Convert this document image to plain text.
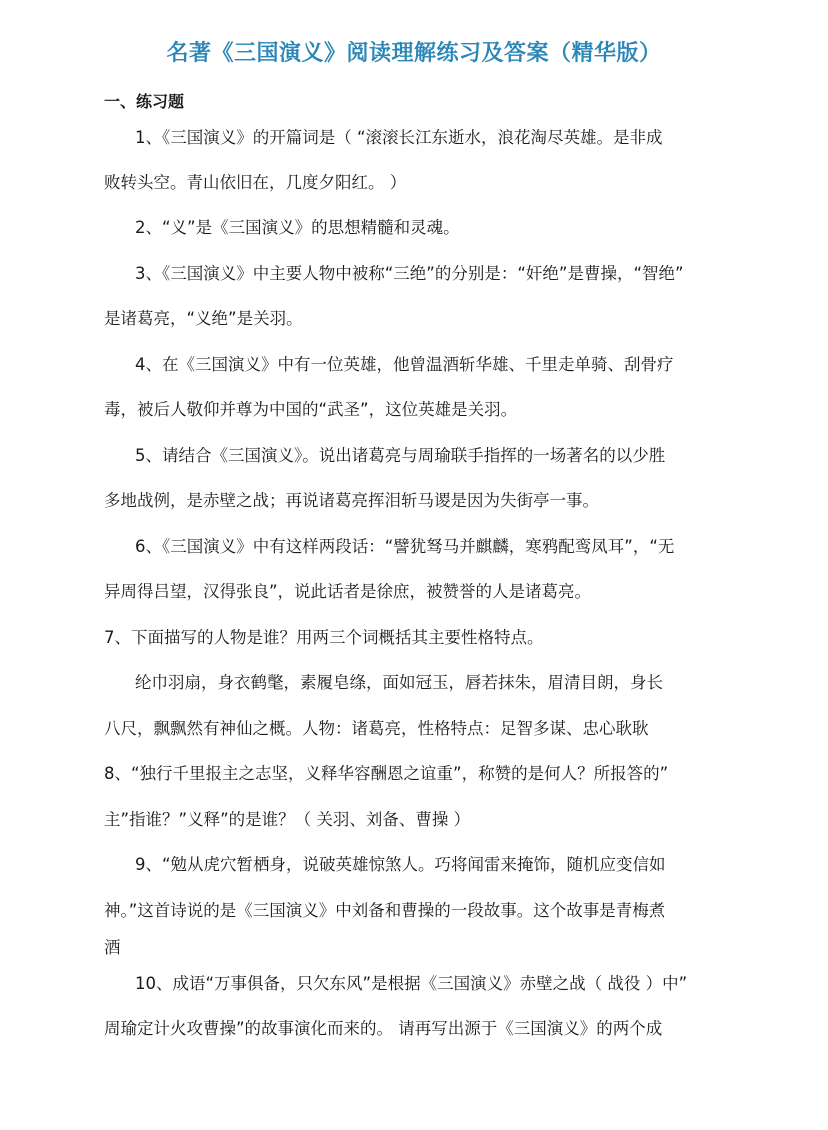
名著《三国演义》阅读理解练习及答案（精华版）
一、练习题
1、《三国演义》的开篇词是（ “滚滚长江东逝水，浪花淘尽英雄。是非成
败转头空。青山依旧在，几度夕阳红。 ）
2、“义”是《三国演义》的思想精髓和灵魂。
3、《三国演义》中主要人物中被称“三绝”的分别是：“奸绝”是曹操，“智绝”
是诸葛亮，“义绝”是关羽。
4、在《三国演义》中有一位英雄，他曾温酒斩华雄、千里走单骑、刮骨疗
毒，被后人敬仰并尊为中国的“武圣”，这位英雄是关羽。
5、请结合《三国演义》。说出诸葛亮与周瑜联手指挥的一场著名的以少胜
多地战例，是赤壁之战；再说诸葛亮挥泪斩马谡是因为失街亭一事。
6、《三国演义》中有这样两段话：“譬犹驽马并麒麟，寒鸦配鸾凤耳”，“无
异周得吕望，汉得张良”，说此话者是徐庶，被赞誉的人是诸葛亮。
7、下面描写的人物是谁？用两三个词概括其主要性格特点。
纶巾羽扇，身衣鹤氅，素履皂绦，面如冠玉，唇若抹朱，眉清目朗，身长
八尺，飘飘然有神仙之概。人物：诸葛亮，性格特点：足智多谋、忠心耿耿
8、“独行千里报主之志坚，义释华容酬恩之谊重”，称赞的是何人？所报答的”
主”指谁？”义释”的是谁？（ 关羽、刘备、曹操 ）
9、“勉从虎穴暂栖身，说破英雄惊煞人。巧将闻雷来掩饰，随机应变信如
神。”这首诗说的是《三国演义》中刘备和曹操的一段故事。这个故事是青梅煮
酒
10、成语“万事俱备，只欠东风”是根据《三国演义》赤壁之战（ 战役 ）中”
周瑜定计火攻曹操”的故事演化而来的。 请再写出源于《三国演义》的两个成
